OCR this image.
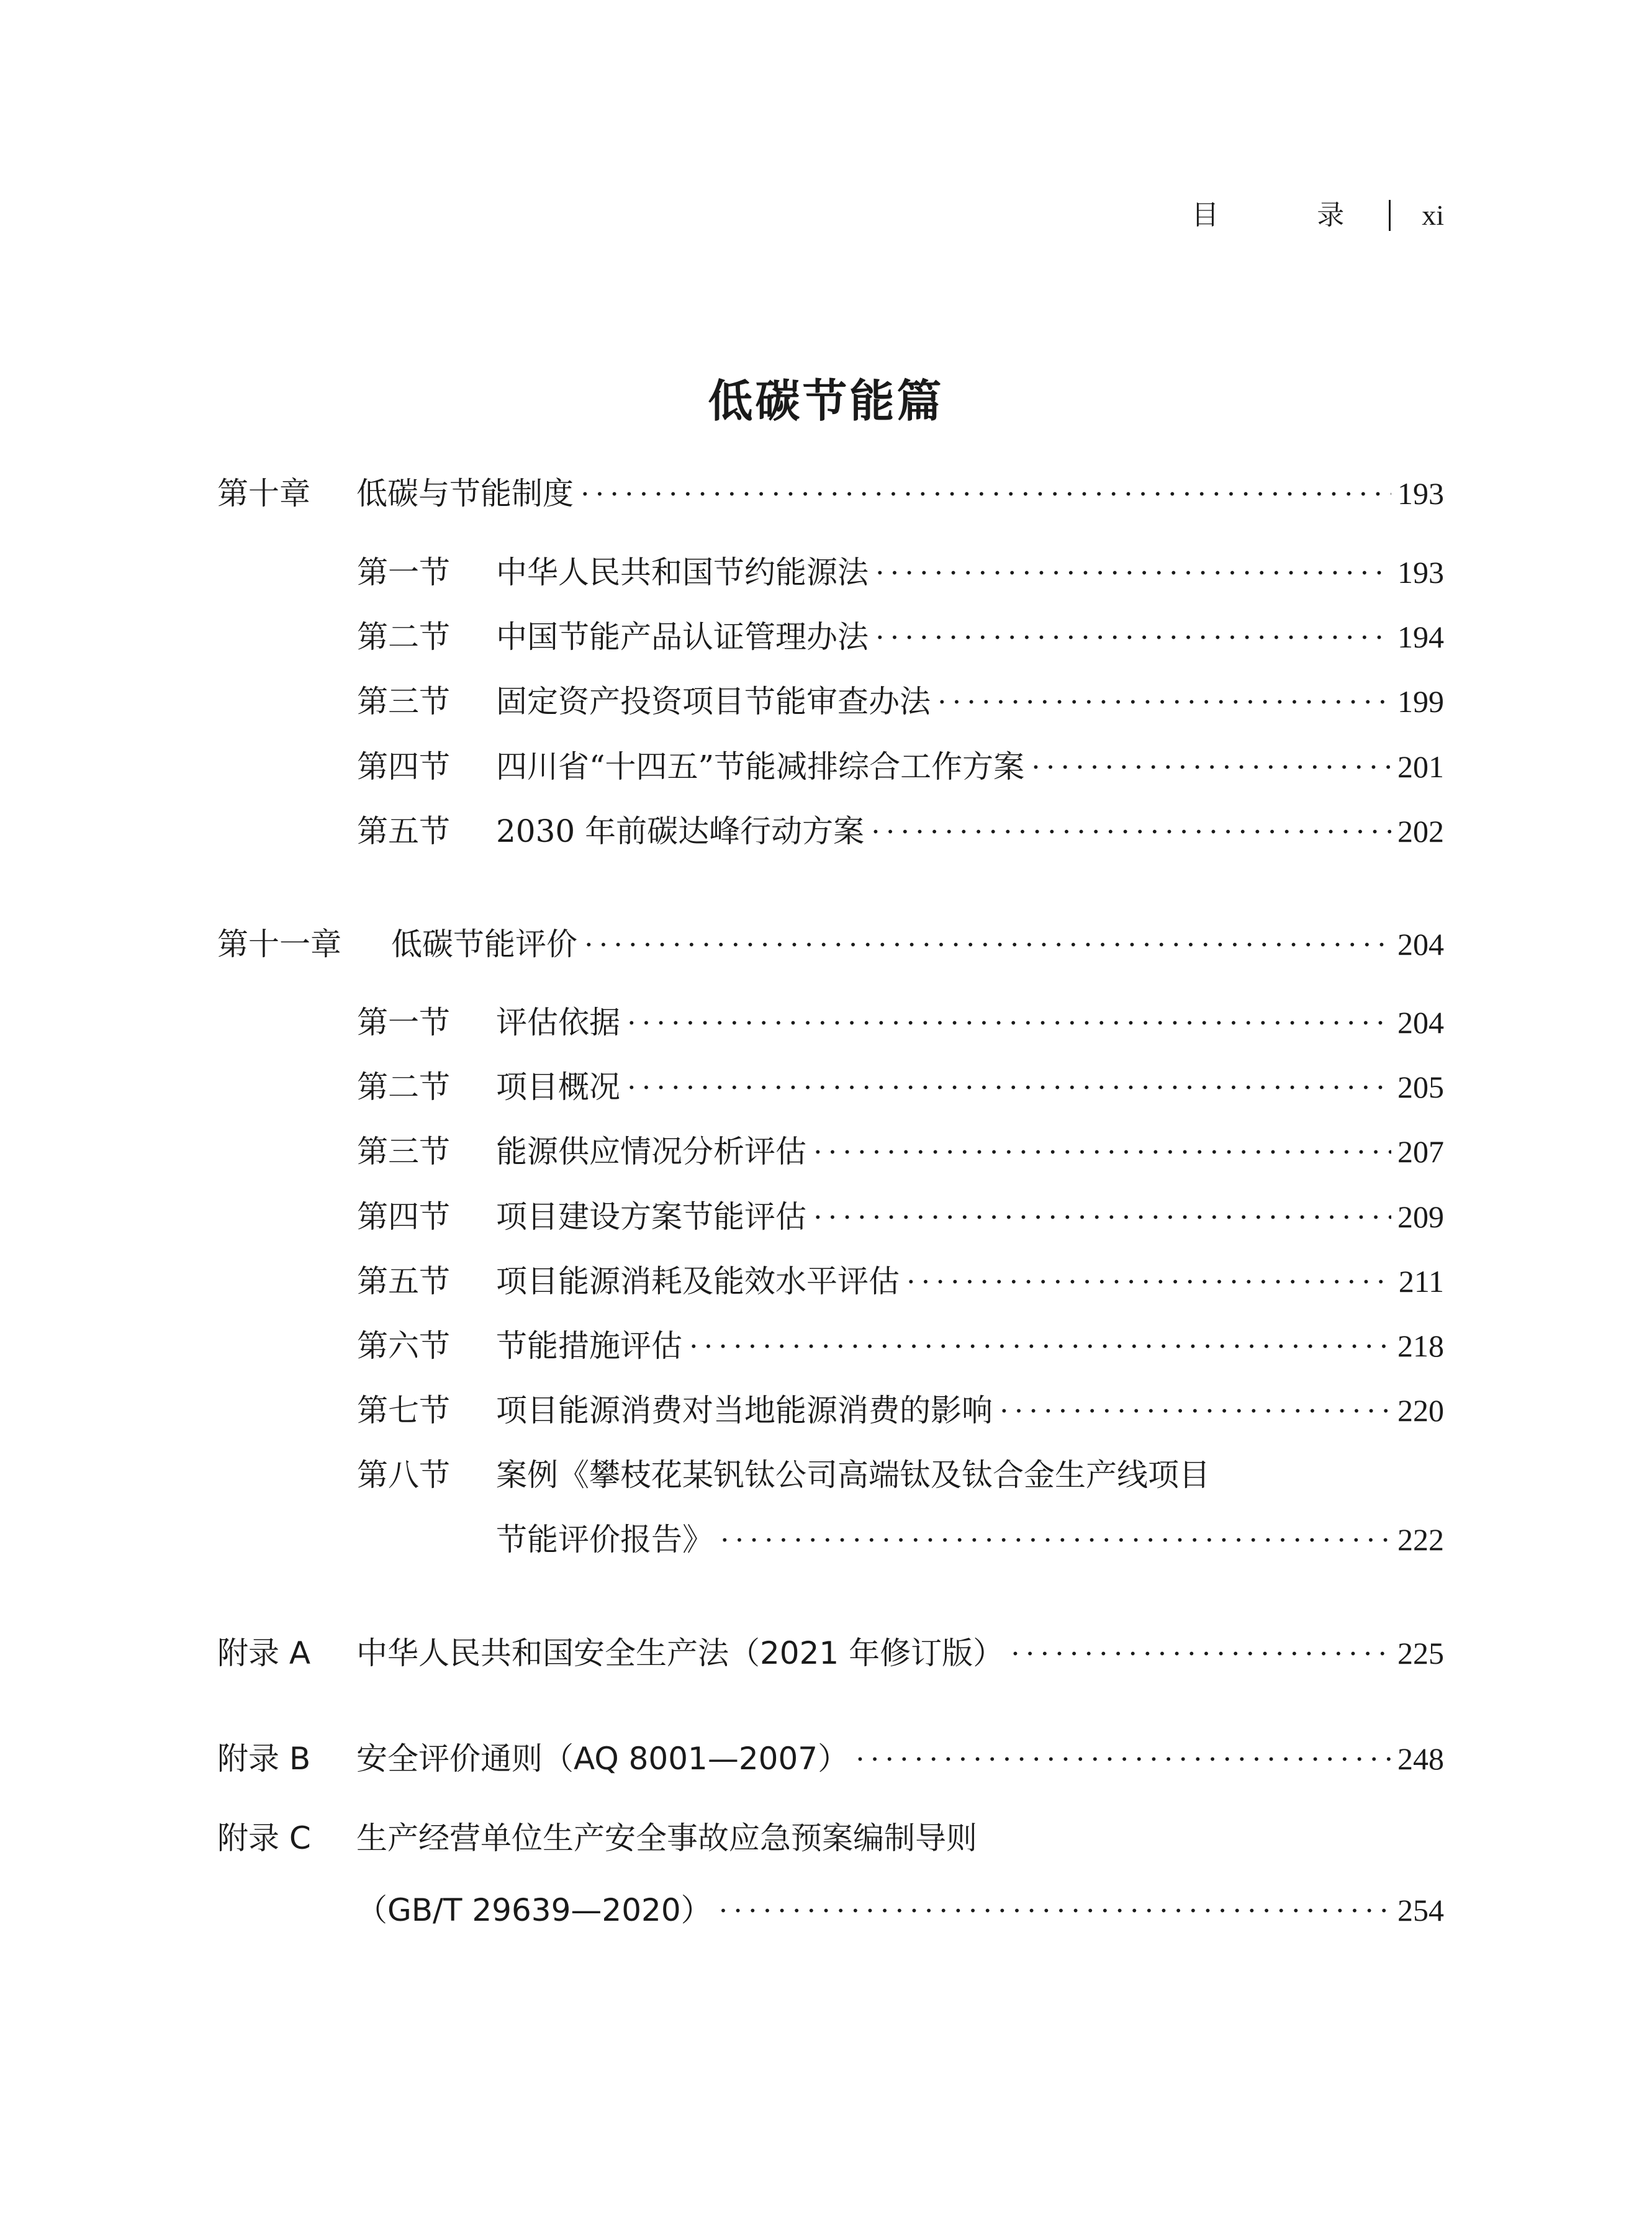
目 录 xi
低碳节能篇
第十章	低碳与节能制度 ·····	193
第一节	中华人民共和国节约能源法 ·····	193
第二节	中国节能产品认证管理办法 ·····	194
第三节	固定资产投资项目节能审查办法 ·····	199
第四节	四川省“十四五”节能减排综合工作方案 ·····	201
第五节	2030 年前碳达峰行动方案 ·····	202
第十一章	低碳节能评价 ·····	204
第一节	评估依据 ·····	204
第二节	项目概况 ·····	205
第三节	能源供应情况分析评估 ·····	207
第四节	项目建设方案节能评估 ·····	209
第五节	项目能源消耗及能效水平评估 ·····	211
第六节	节能措施评估 ·····	218
第七节	项目能源消费对当地能源消费的影响 ·····	220
第八节	案例《攀枝花某钒钛公司高端钛及钛合金生产线项目
节能评价报告》 ·····	222
附录 A	中华人民共和国安全生产法（2021 年修订版） ·····	225
附录 B	安全评价通则（AQ 8001—2007） ·····	248
附录 C	生产经营单位生产安全事故应急预案编制导则
（GB/T 29639—2020） ·····	254
